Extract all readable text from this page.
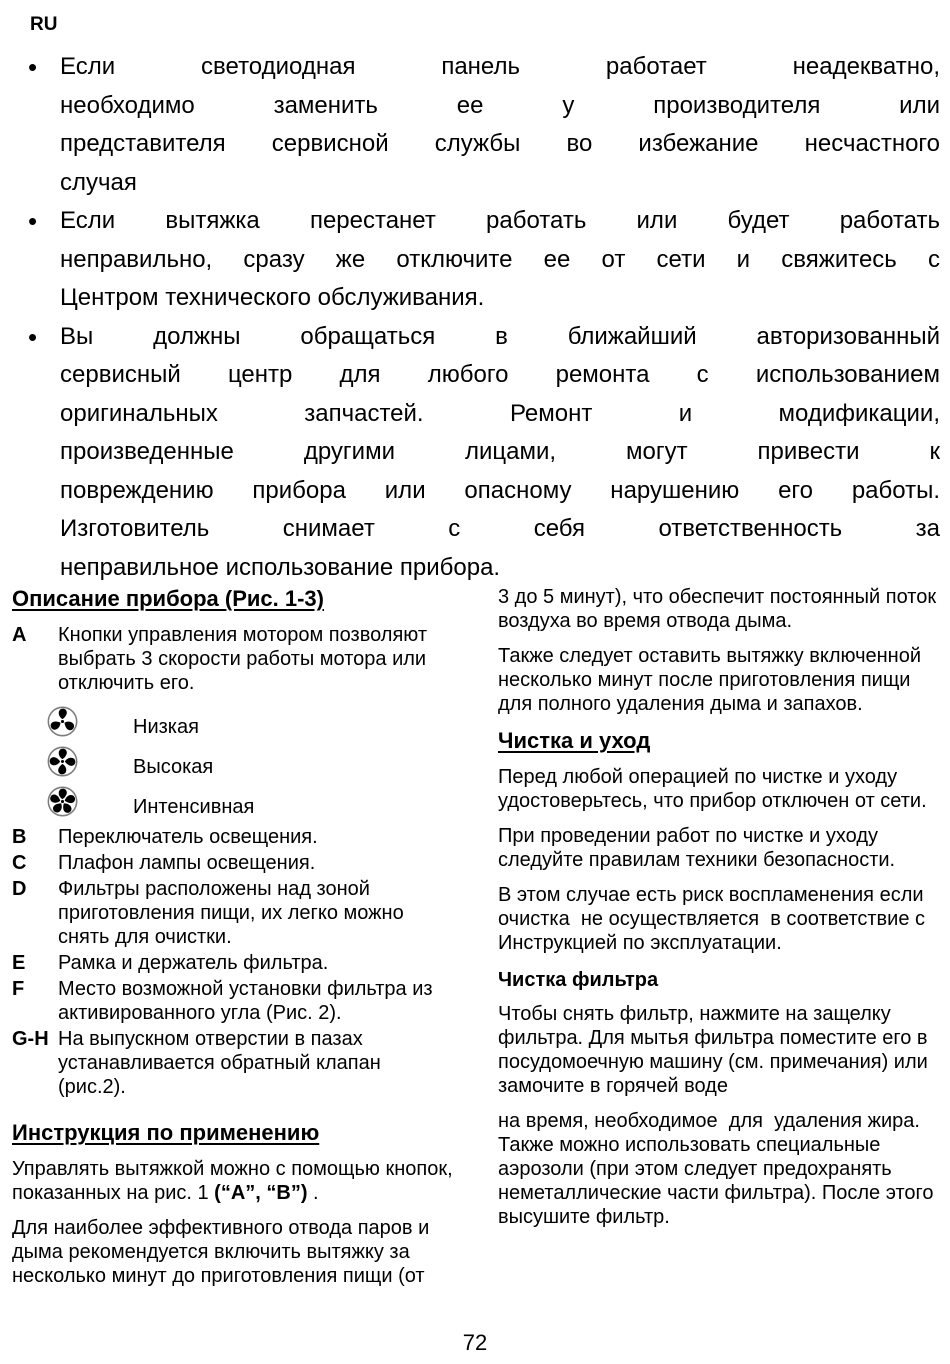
RU
• Если светодиодная панель работает неадекватно,
необходимо заменить ее у производителя или
представителя сервисной службы во избежание несчастного
случая
• Если вытяжка перестанет работать или будет работать
неправильно, сразу же отключите ее от сети и свяжитесь с
Центром технического обслуживания.
• Вы должны обращаться в ближайший авторизованный
сервисный центр для любого ремонта с использованием
оригинальных запчастей. Ремонт и модификации,
произведенные другими лицами, могут привести к
повреждению прибора или опасному нарушению его работы.
Изготовитель снимает с себя ответственность за
неправильное использование прибора.
Описание прибора (Рис. 1-3)
A	Кнопки управления мотором позволяют выбрать 3 скорости работы мотора или отключить его.
Низкая
Высокая
Интенсивная
B	Переключатель освещения.
C	Плафон лампы освещения.
D	Фильтры расположены над зоной приготовления пищи, их легко можно снять для очистки.
E	Рамка и держатель фильтра.
F	Место возможной установки фильтра из активированного угла (Рис. 2).
G-H На выпускном отверстии в пазах устанавливается обратный клапан (рис.2).
Инструкция по применению
Управлять вытяжкой можно с помощью кнопок, показанных на рис. 1 (“А”, “В”) .
Для наиболее эффективного отвода паров и дыма рекомендуется включить вытяжку за несколько минут до приготовления пищи (от
3 до 5 минут), что обеспечит постоянный поток воздуха во время отвода дыма.
Также следует оставить вытяжку включенной несколько минут после приготовления пищи для полного удаления дыма и запахов.
Чистка и уход
Перед любой операцией по чистке и уходу удостоверьтесь, что прибор отключен от сети.
При проведении работ по чистке и уходу следуйте правилам техники безопасности.
В этом случае есть риск воспламенения если очистка  не осуществляется  в соответствие с Инструкцией по эксплуатации.
Чистка фильтра
Чтобы снять фильтр, нажмите на защелку фильтра. Для мытья фильтра поместите его в посудомоечную машину (см. примечания) или замочите в горячей воде
на время, необходимое  для  удаления жира. Также можно использовать специальные аэрозоли (при этом следует предохранять неметаллические части фильтра). После этого высушите фильтр.
72
